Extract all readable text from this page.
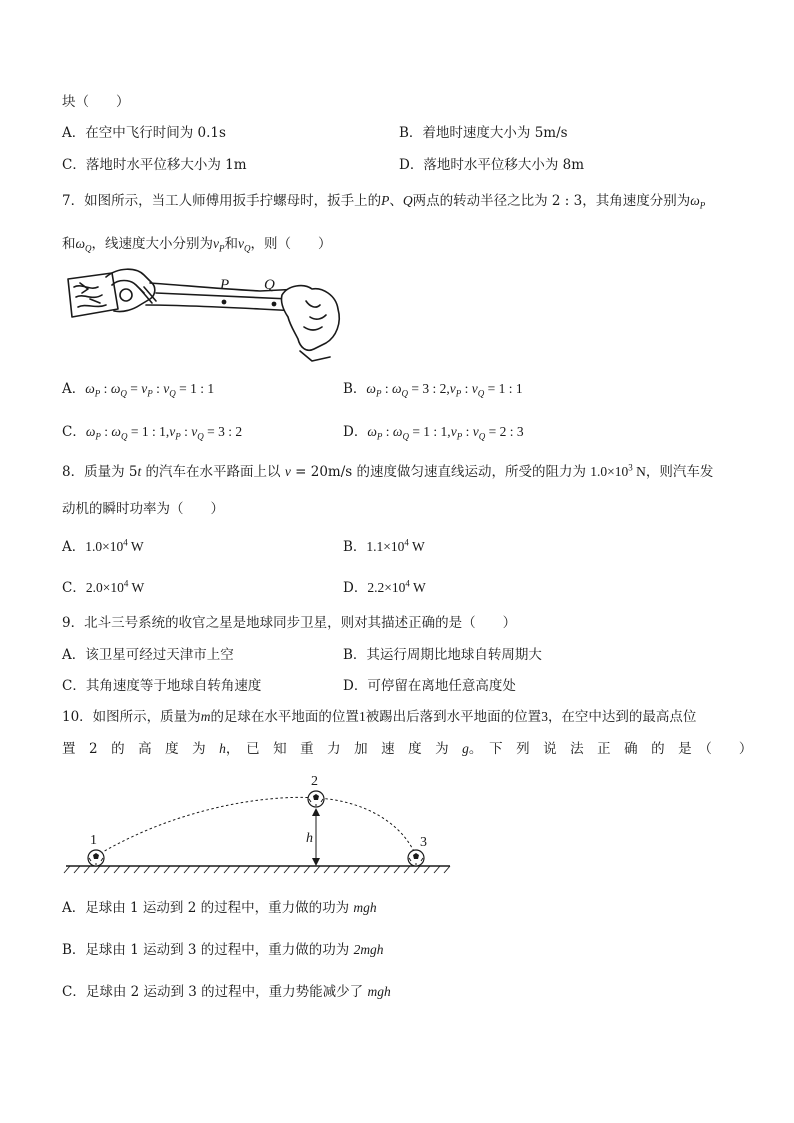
块（　　）
A．在空中飞行时间为 0.1s	B．着地时速度大小为 5m/s
C．落地时水平位移大小为 1m	D．落地时水平位移大小为 8m
7．如图所示，当工人师傅用扳手拧螺母时，扳手上的P、Q两点的转动半径之比为 2 : 3，其角速度分别为$\omega_P$
和$\omega_Q$，线速度大小分别为$v_P$和$v_Q$，则（　　）
P Q
A．$\omega_P$ : $\omega_Q = v_P$ : $v_Q = 1$ : 1	B．$\omega_P$ : $\omega_Q = 3$ : $2,v_P$ : $v_Q = 1$ : 1
C．$\omega_P$ : $\omega_Q = 1$ : $1,v_P$ : $v_Q = 3$ : 2	D．$\omega_P$ : $\omega_Q = 1$ : $1,v_P$ : $v_Q = 2$ : 3
8．质量为 5t 的汽车在水平路面上以 v = 20m/s 的速度做匀速直线运动，所受的阻力为 $1.0\times 10^3$ N，则汽车发
动机的瞬时功率为（　　）
A．$1.0\times 10^4$ W	B．$1.1\times 10^4$ W
C．$2.0\times 10^4$ W	D．$2.2\times 10^4$ W
9．北斗三号系统的收官之星是地球同步卫星，则对其描述正确的是（　　）
A．该卫星可经过天津市上空	B．其运行周期比地球自转周期大
C．其角速度等于地球自转角速度	D．可停留在离地任意高度处
10．如图所示，质量为m的足球在水平地面的位置1被踢出后落到水平地面的位置3，在空中达到的最高点位
置　2　的　高　度　为　h，　已　知　重　力　加　速　度　为　g。　下　列　说　法　正　确　的　是　（　　）
1
2
3
h
A．足球由 1 运动到 2 的过程中，重力做的功为 mgh
B．足球由 1 运动到 3 的过程中，重力做的功为 2mgh
C．足球由 2 运动到 3 的过程中，重力势能减少了 mgh
